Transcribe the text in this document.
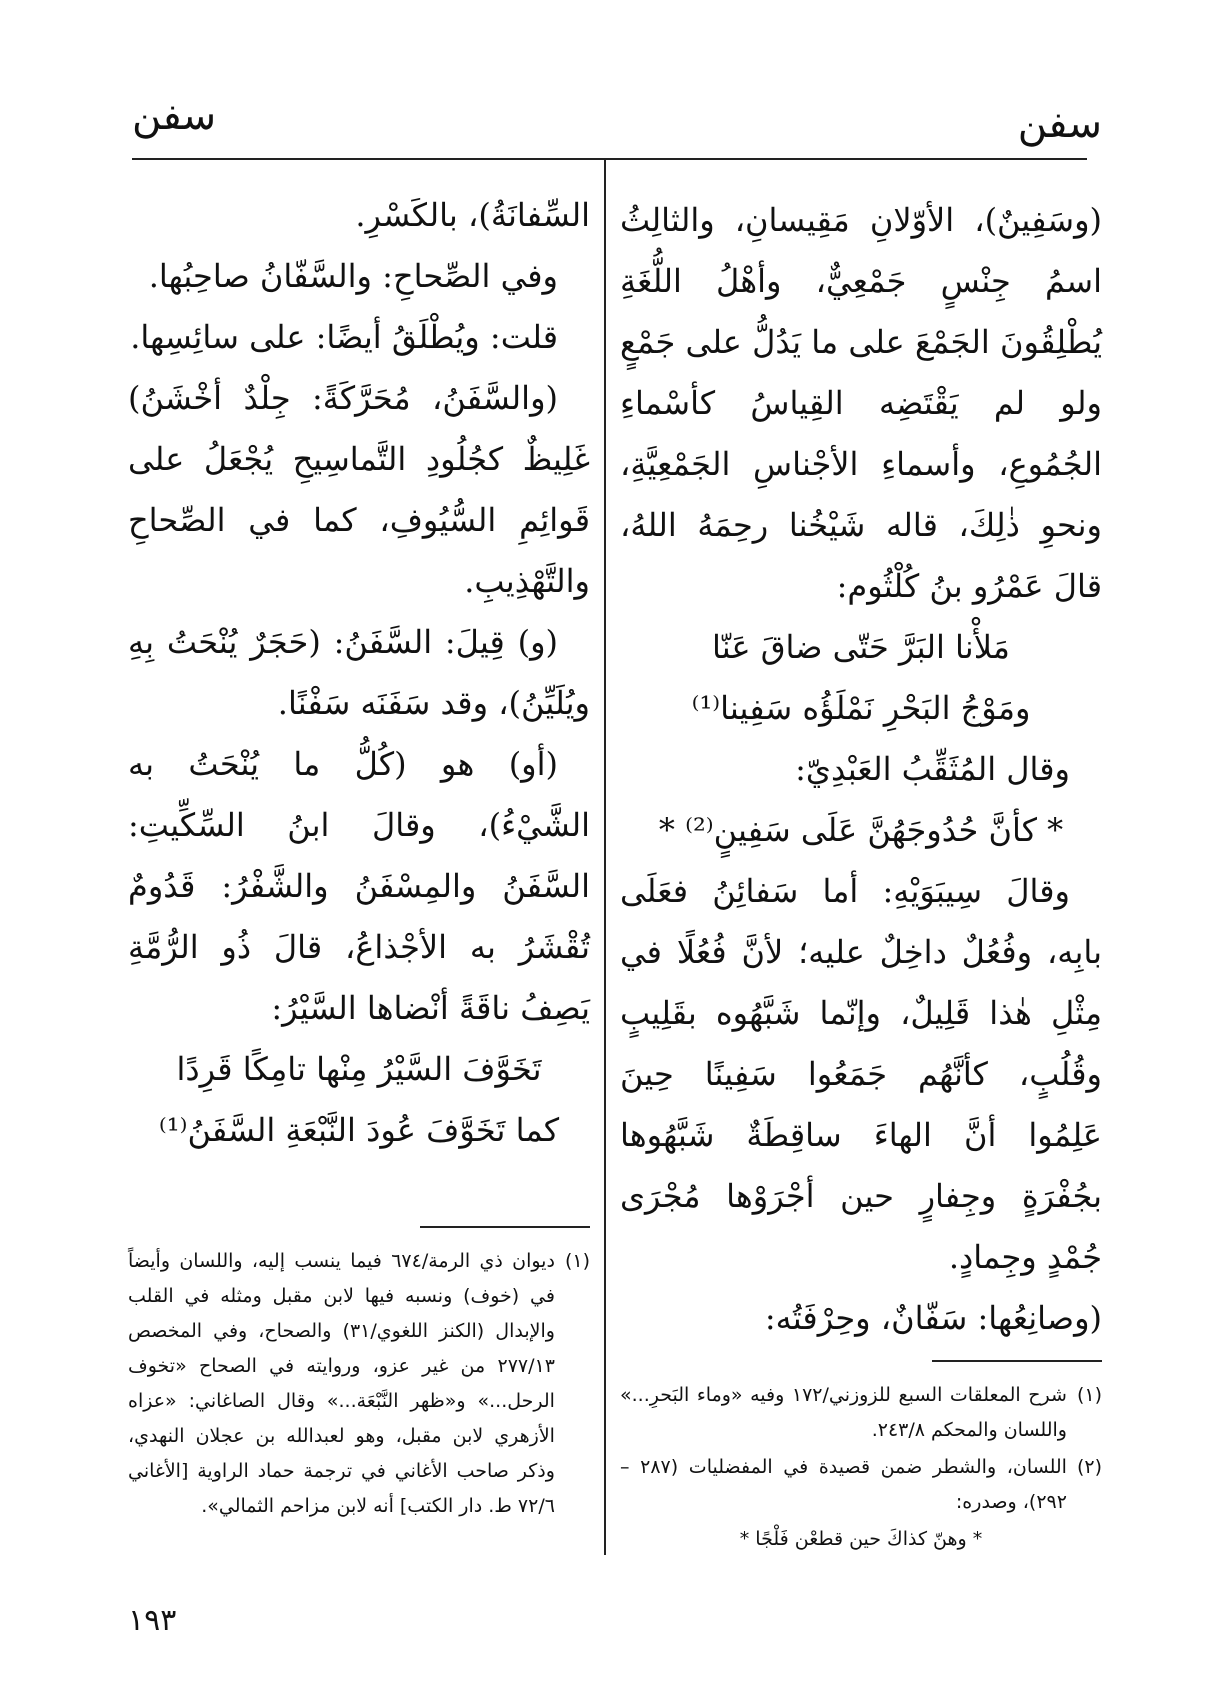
سفن
سفن

(وسَفِينٌ)، الأوّلانِ مَقِيسانِ، والثالِثُ اسمُ جِنْسٍ جَمْعِيٌّ، وأهْلُ اللُّغَةِ يُطْلِقُونَ الجَمْعَ على ما يَدُلُّ على جَمْعٍ ولو لم يَقْتَضِه القِياسُ كأسْماءِ الجُمُوعِ، وأسماءِ الأجْناسِ الجَمْعِيَّةِ، ونحوِ ذٰلِكَ، قاله شَيْخُنا رحِمَهُ اللهُ، قالَ عَمْرُو بنُ كُلْثُوم:

مَلأْنا البَرَّ حَتّى ضاقَ عَنّا

ومَوْجُ البَحْرِ نَمْلَؤُه سَفِينا⁽¹⁾

وقال المُثَقِّبُ العَبْدِيّ:

* كأنَّ حُدُوجَهُنَّ عَلَى سَفِينٍ⁽²⁾ *

وقالَ سِيبَوَيْهِ: أما سَفائِنُ فعَلَى بابِه، وفُعُلٌ داخِلٌ عليه؛ لأنَّ فُعُلًا في مِثْلِ هٰذا قَلِيلٌ، وإنّما شَبَّهُوه بقَلِيبٍ وقُلُبٍ، كأنَّهُم جَمَعُوا سَفِينًا حِينَ عَلِمُوا أنَّ الهاءَ ساقِطَةٌ شَبَّهُوها بجُفْرَةٍ وجِفارٍ حين أجْرَوْها مُجْرَى جُمْدٍ وجِمادٍ.

(وصانِعُها: سَفّانٌ، وحِرْفَتُه:

السِّفانَةُ)، بالكَسْرِ.

وفي الصِّحاحِ: والسَّفّانُ صاحِبُها.

قلت: ويُطْلَقُ أيضًا: على سائِسِها.

(والسَّفَنُ، مُحَرَّكَةً: جِلْدٌ أخْشَنُ) غَلِيظٌ كجُلُودِ التَّماسِيحِ يُجْعَلُ على قَوائِمِ السُّيُوفِ، كما في الصِّحاحِ والتَّهْذِيبِ.

(و) قِيلَ: السَّفَنُ: (حَجَرٌ يُنْحَتُ بِهِ ويُلَيِّنُ)، وقد سَفَنَه سَفْنًا.

(أو) هو (كُلُّ ما يُنْحَتُ به الشَّيْءُ)، وقالَ ابنُ السِّكِّيتِ: السَّفَنُ والمِسْفَنُ والشَّفْرُ: قَدُومٌ تُقْشَرُ به الأجْذاعُ، قالَ ذُو الرُّمَّةِ يَصِفُ ناقَةً أنْضاها السَّيْرُ:

تَخَوَّفَ السَّيْرُ مِنْها تامِكًا قَرِدًا

كما تَخَوَّفَ عُودَ النَّبْعَةِ السَّفَنُ⁽¹⁾

(١)
شرح المعلقات السبع للزوزني/١٧٢ وفيه «وماء البَحرِ...» واللسان والمحكم ٢٤٣/٨.
(٢)
اللسان، والشطر ضمن قصيدة في المفضليات (٢٨٧ – ٢٩٢)، وصدره:

* وهنّ كذاكَ حين قطعْن فَلْجًا *

(١)
ديوان ذي الرمة/٦٧٤ فيما ينسب إليه، واللسان وأيضاً في (خوف) ونسبه فيها لابن مقبل ومثله في القلب والإبدال (الكنز اللغوي/٣١) والصحاح، وفي المخصص ٢٧٧/١٣ من غير عزو، وروايته في الصحاح «تخوف الرحل...» و«ظهر النَّبْعَة...» وقال الصاغاني: «عزاه الأزهري لابن مقبل، وهو لعبدالله بن عجلان النهدي، وذكر صاحب الأغاني في ترجمة حماد الراوية [الأغاني ٧٢/٦ ط. دار الكتب] أنه لابن مزاحم الثمالي».
١٩٣
